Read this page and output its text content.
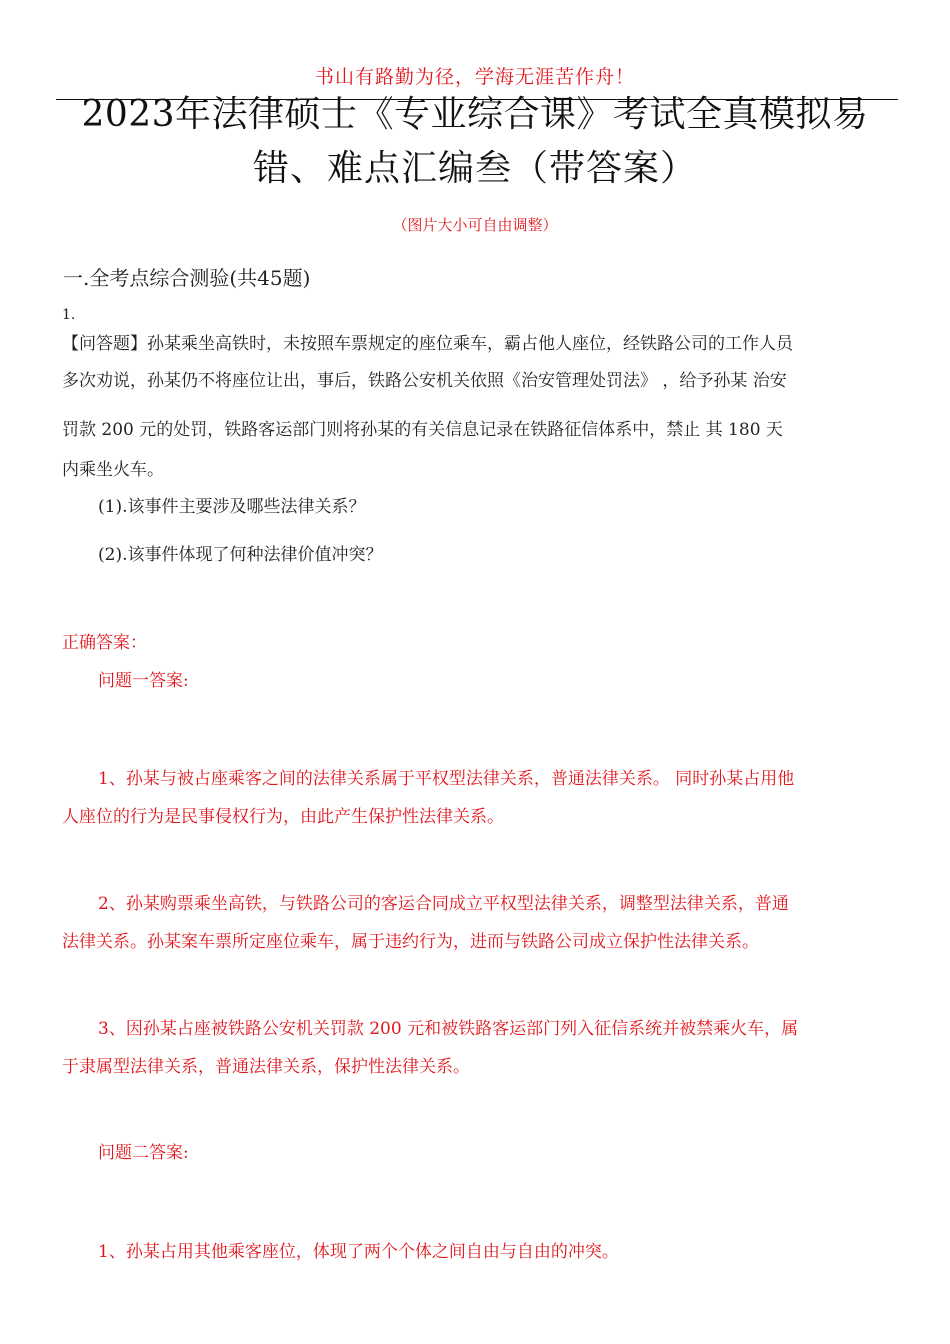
书山有路勤为径，学海无涯苦作舟！
2023年法律硕士《专业综合课》考试全真模拟易
错、难点汇编叁（带答案）
（图片大小可自由调整）
一.全考点综合测验(共45题)
1.
【问答题】孙某乘坐高铁时，未按照车票规定的座位乘车，霸占他人座位，经铁路公司的工作人员
多次劝说，孙某仍不将座位让出，事后，铁路公安机关依照《治安管理处罚法》 ，给予孙某 治安
罚款 200 元的处罚，铁路客运部门则将孙某的有关信息记录在铁路征信体系中，禁止 其 180 天
内乘坐火车。
(1).该事件主要涉及哪些法律关系？
(2).该事件体现了何种法律价值冲突？
正确答案：
问题一答案:
1、孙某与被占座乘客之间的法律关系属于平权型法律关系，普通法律关系。 同时孙某占用他
人座位的行为是民事侵权行为，由此产生保护性法律关系。
2、孙某购票乘坐高铁，与铁路公司的客运合同成立平权型法律关系，调整型法律关系，普通
法律关系。孙某案车票所定座位乘车，属于违约行为，进而与铁路公司成立保护性法律关系。
3、因孙某占座被铁路公安机关罚款 200 元和被铁路客运部门列入征信系统并被禁乘火车，属
于隶属型法律关系，普通法律关系，保护性法律关系。
问题二答案:
1、孙某占用其他乘客座位，体现了两个个体之间自由与自由的冲突。
